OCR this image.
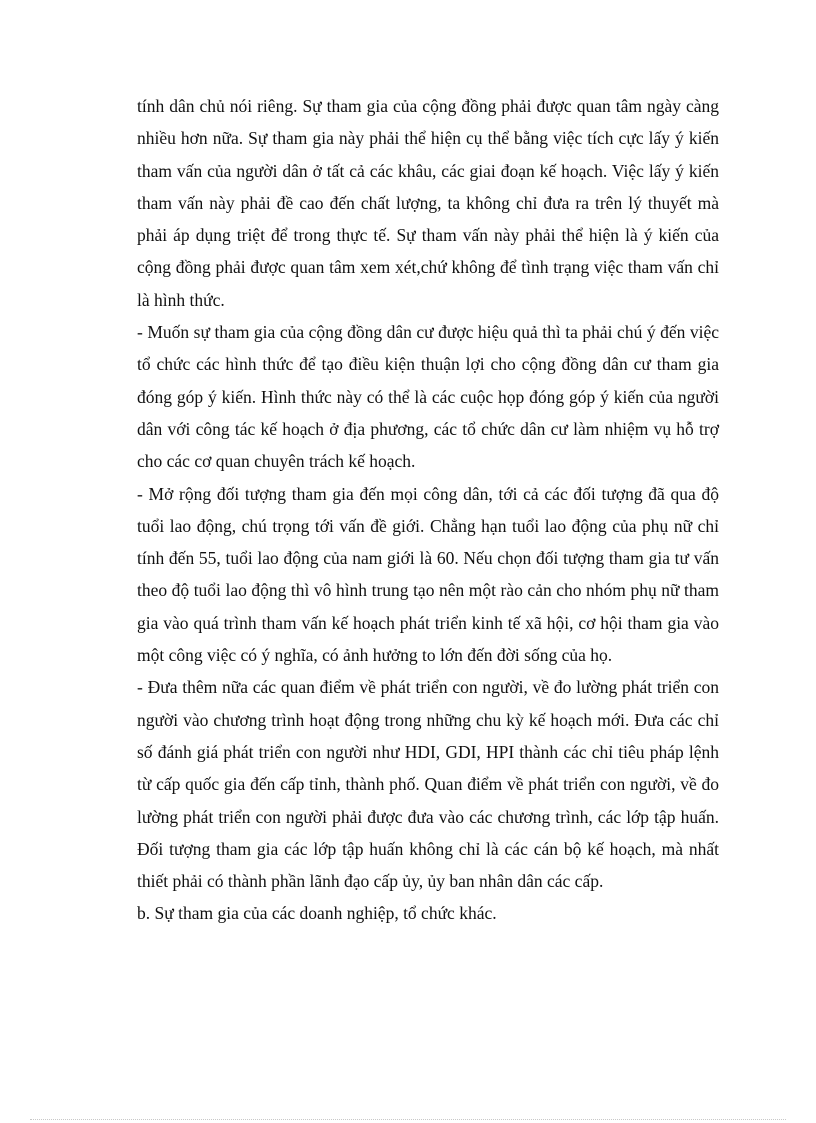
tính dân chủ nói riêng. Sự tham gia của cộng đồng phải được quan tâm ngày càng nhiều hơn nữa. Sự tham gia này phải thể hiện cụ thể bằng việc tích cực lấy ý kiến tham vấn của người dân ở tất cả các khâu, các giai đoạn kế hoạch. Việc lấy ý kiến tham vấn này phải đề cao đến chất lượng, ta không chỉ đưa ra trên lý thuyết mà phải áp dụng triệt để trong thực tế. Sự tham vấn này phải thể hiện là ý kiến của cộng đồng phải được quan tâm xem xét,chứ không để tình trạng việc tham vấn chỉ là hình thức.

- Muốn sự tham gia của cộng đồng dân cư được hiệu quả thì ta phải chú ý đến việc tổ chức các hình thức để tạo điều kiện thuận lợi cho cộng đồng dân cư tham gia đóng góp ý kiến. Hình thức này có thể là các cuộc họp đóng góp ý kiến của người dân với công tác kế hoạch ở địa phương, các tổ chức dân cư làm nhiệm vụ hỗ trợ cho các cơ quan chuyên trách kế hoạch.

- Mở rộng đối tượng tham gia đến mọi công dân, tới cả các đối tượng đã qua độ tuổi lao động, chú trọng tới vấn đề giới. Chẳng hạn tuổi lao động của phụ nữ chỉ tính đến 55, tuổi lao động của nam giới là 60. Nếu chọn đối tượng tham gia tư vấn theo độ tuổi lao động thì vô hình trung tạo nên một rào cản cho nhóm phụ nữ tham gia vào quá trình tham vấn kế hoạch phát triển kinh tế xã hội, cơ hội tham gia vào một công việc có ý nghĩa, có ảnh hưởng to lớn đến đời sống của họ.

- Đưa thêm nữa các quan điểm về phát triển con người, về đo lường phát triển con người vào chương trình hoạt động trong những chu kỳ kế hoạch mới. Đưa các chỉ số đánh giá phát triển con người như HDI, GDI, HPI thành các chỉ tiêu pháp lệnh từ cấp quốc gia đến cấp tỉnh, thành phố. Quan điểm về phát triển con người, về đo lường phát triển con người phải được đưa vào các chương trình, các lớp tập huấn. Đối tượng tham gia các lớp tập huấn không chỉ là các cán bộ kế hoạch, mà nhất thiết phải có thành phần lãnh đạo cấp ủy, ủy ban nhân dân các cấp.

b. Sự tham gia của các doanh nghiệp, tổ chức khác.
